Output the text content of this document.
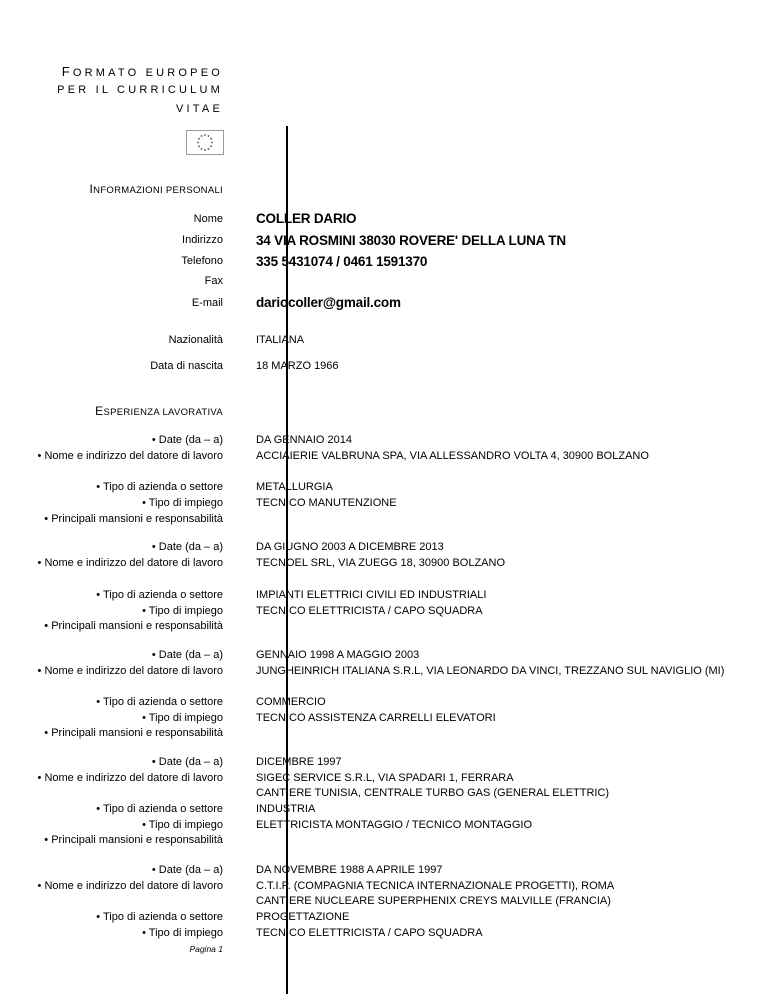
FORMATO EUROPEO
PER IL CURRICULUM
VITAE
INFORMAZIONI PERSONALI
Nome COLLER DARIO
Indirizzo 34 VIA ROSMINI 38030 ROVERE' DELLA LUNA TN
Telefono 335 5431074 / 0461 1591370
Fax
E-mail dariocoller@gmail.com
Nazionalità	ITALIANA
Data di nascita	18 MARZO 1966
ESPERIENZA LAVORATIVA
• Date (da – a)
• Nome e indirizzo del datore di lavoro
• Tipo di azienda o settore
• Tipo di impiego
• Principali mansioni e responsabilità
DA GENNAIO 2014
ACCIAIERIE VALBRUNA SPA, VIA ALLESSANDRO VOLTA 4, 30900 BOLZANO
METALLURGIA
TECNICO MANUTENZIONE
• Date (da – a)
• Nome e indirizzo del datore di lavoro
• Tipo di azienda o settore
• Tipo di impiego
• Principali mansioni e responsabilità
DA GIUGNO 2003 A DICEMBRE 2013
TECNOEL SRL, VIA ZUEGG 18, 30900 BOLZANO
IMPIANTI ELETTRICI CIVILI ED INDUSTRIALI
TECNICO ELETTRICISTA / CAPO SQUADRA
• Date (da – a)
• Nome e indirizzo del datore di lavoro
• Tipo di azienda o settore
• Tipo di impiego
• Principali mansioni e responsabilità
GENNAIO 1998 A MAGGIO 2003
JUNGHEINRICH ITALIANA S.R.L, VIA LEONARDO DA VINCI, TREZZANO SUL NAVIGLIO (MI)
COMMERCIO
TECNICO ASSISTENZA CARRELLI ELEVATORI
• Date (da – a)
• Nome e indirizzo del datore di lavoro
• Tipo di azienda o settore
• Tipo di impiego
• Principali mansioni e responsabilità
DICEMBRE 1997
SIGEC SERVICE S.R.L, VIA SPADARI 1, FERRARA
CANTIERE TUNISIA, CENTRALE TURBO GAS (GENERAL ELETTRIC)
INDUSTRIA
ELETTRICISTA MONTAGGIO / TECNICO MONTAGGIO
• Date (da – a)
• Nome e indirizzo del datore di lavoro
• Tipo di azienda o settore
• Tipo di impiego
DA NOVEMBRE 1988 A APRILE 1997
C.T.I.P. (COMPAGNIA TECNICA INTERNAZIONALE PROGETTI), ROMA
CANTIERE NUCLEARE SUPERPHENIX CREYS MALVILLE (FRANCIA)
PROGETTAZIONE
TECNICO ELETTRICISTA / CAPO SQUADRA
Pagina 1
